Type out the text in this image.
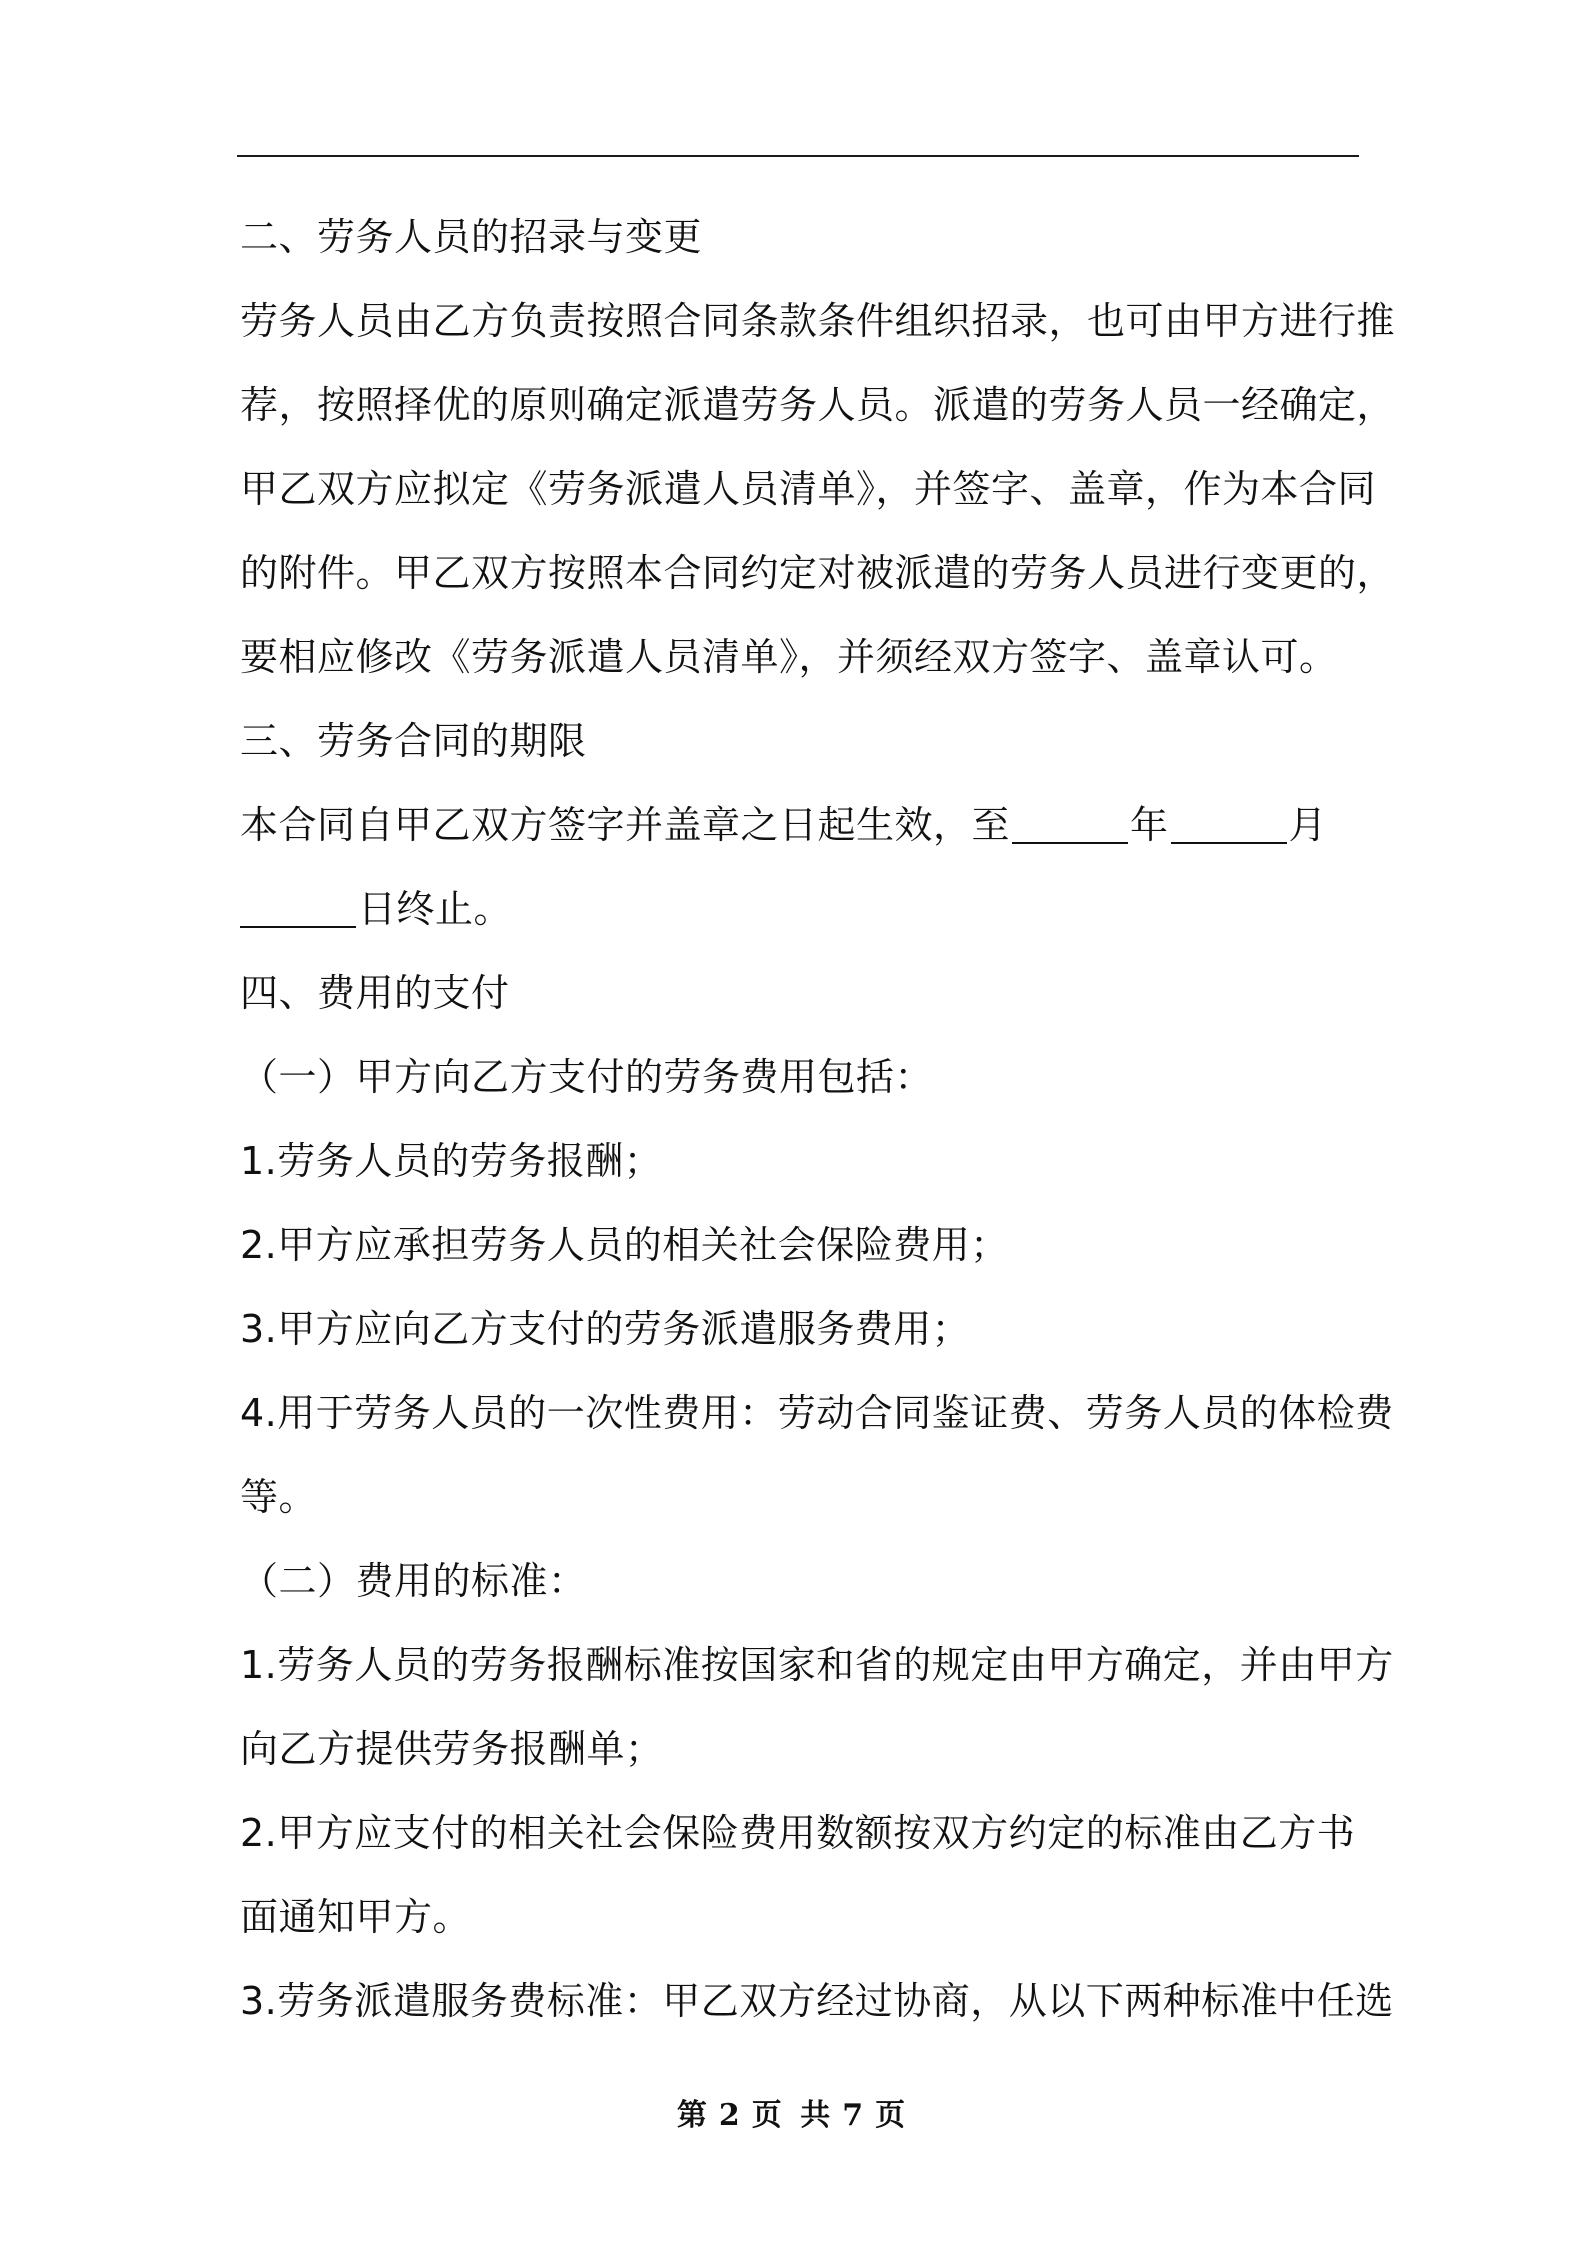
二、劳务人员的招录与变更
劳务人员由乙方负责按照合同条款条件组织招录，也可由甲方进行推
荐，按照择优的原则确定派遣劳务人员。派遣的劳务人员一经确定，
甲乙双方应拟定《劳务派遣人员清单》，并签字、盖章，作为本合同
的附件。甲乙双方按照本合同约定对被派遣的劳务人员进行变更的，
要相应修改《劳务派遣人员清单》，并须经双方签字、盖章认可。
三、劳务合同的期限
本合同自甲乙双方签字并盖章之日起生效，至	年	月
日终止。
四、费用的支付
（一）甲方向乙方支付的劳务费用包括：
1.劳务人员的劳务报酬；
2.甲方应承担劳务人员的相关社会保险费用；
3.甲方应向乙方支付的劳务派遣服务费用；
4.用于劳务人员的一次性费用：劳动合同鉴证费、劳务人员的体检费
等。
（二）费用的标准：
1.劳务人员的劳务报酬标准按国家和省的规定由甲方确定，并由甲方
向乙方提供劳务报酬单；
2.甲方应支付的相关社会保险费用数额按双方约定的标准由乙方书
面通知甲方。
3.劳务派遣服务费标准：甲乙双方经过协商，从以下两种标准中任选
第 2 页 共 7 页
